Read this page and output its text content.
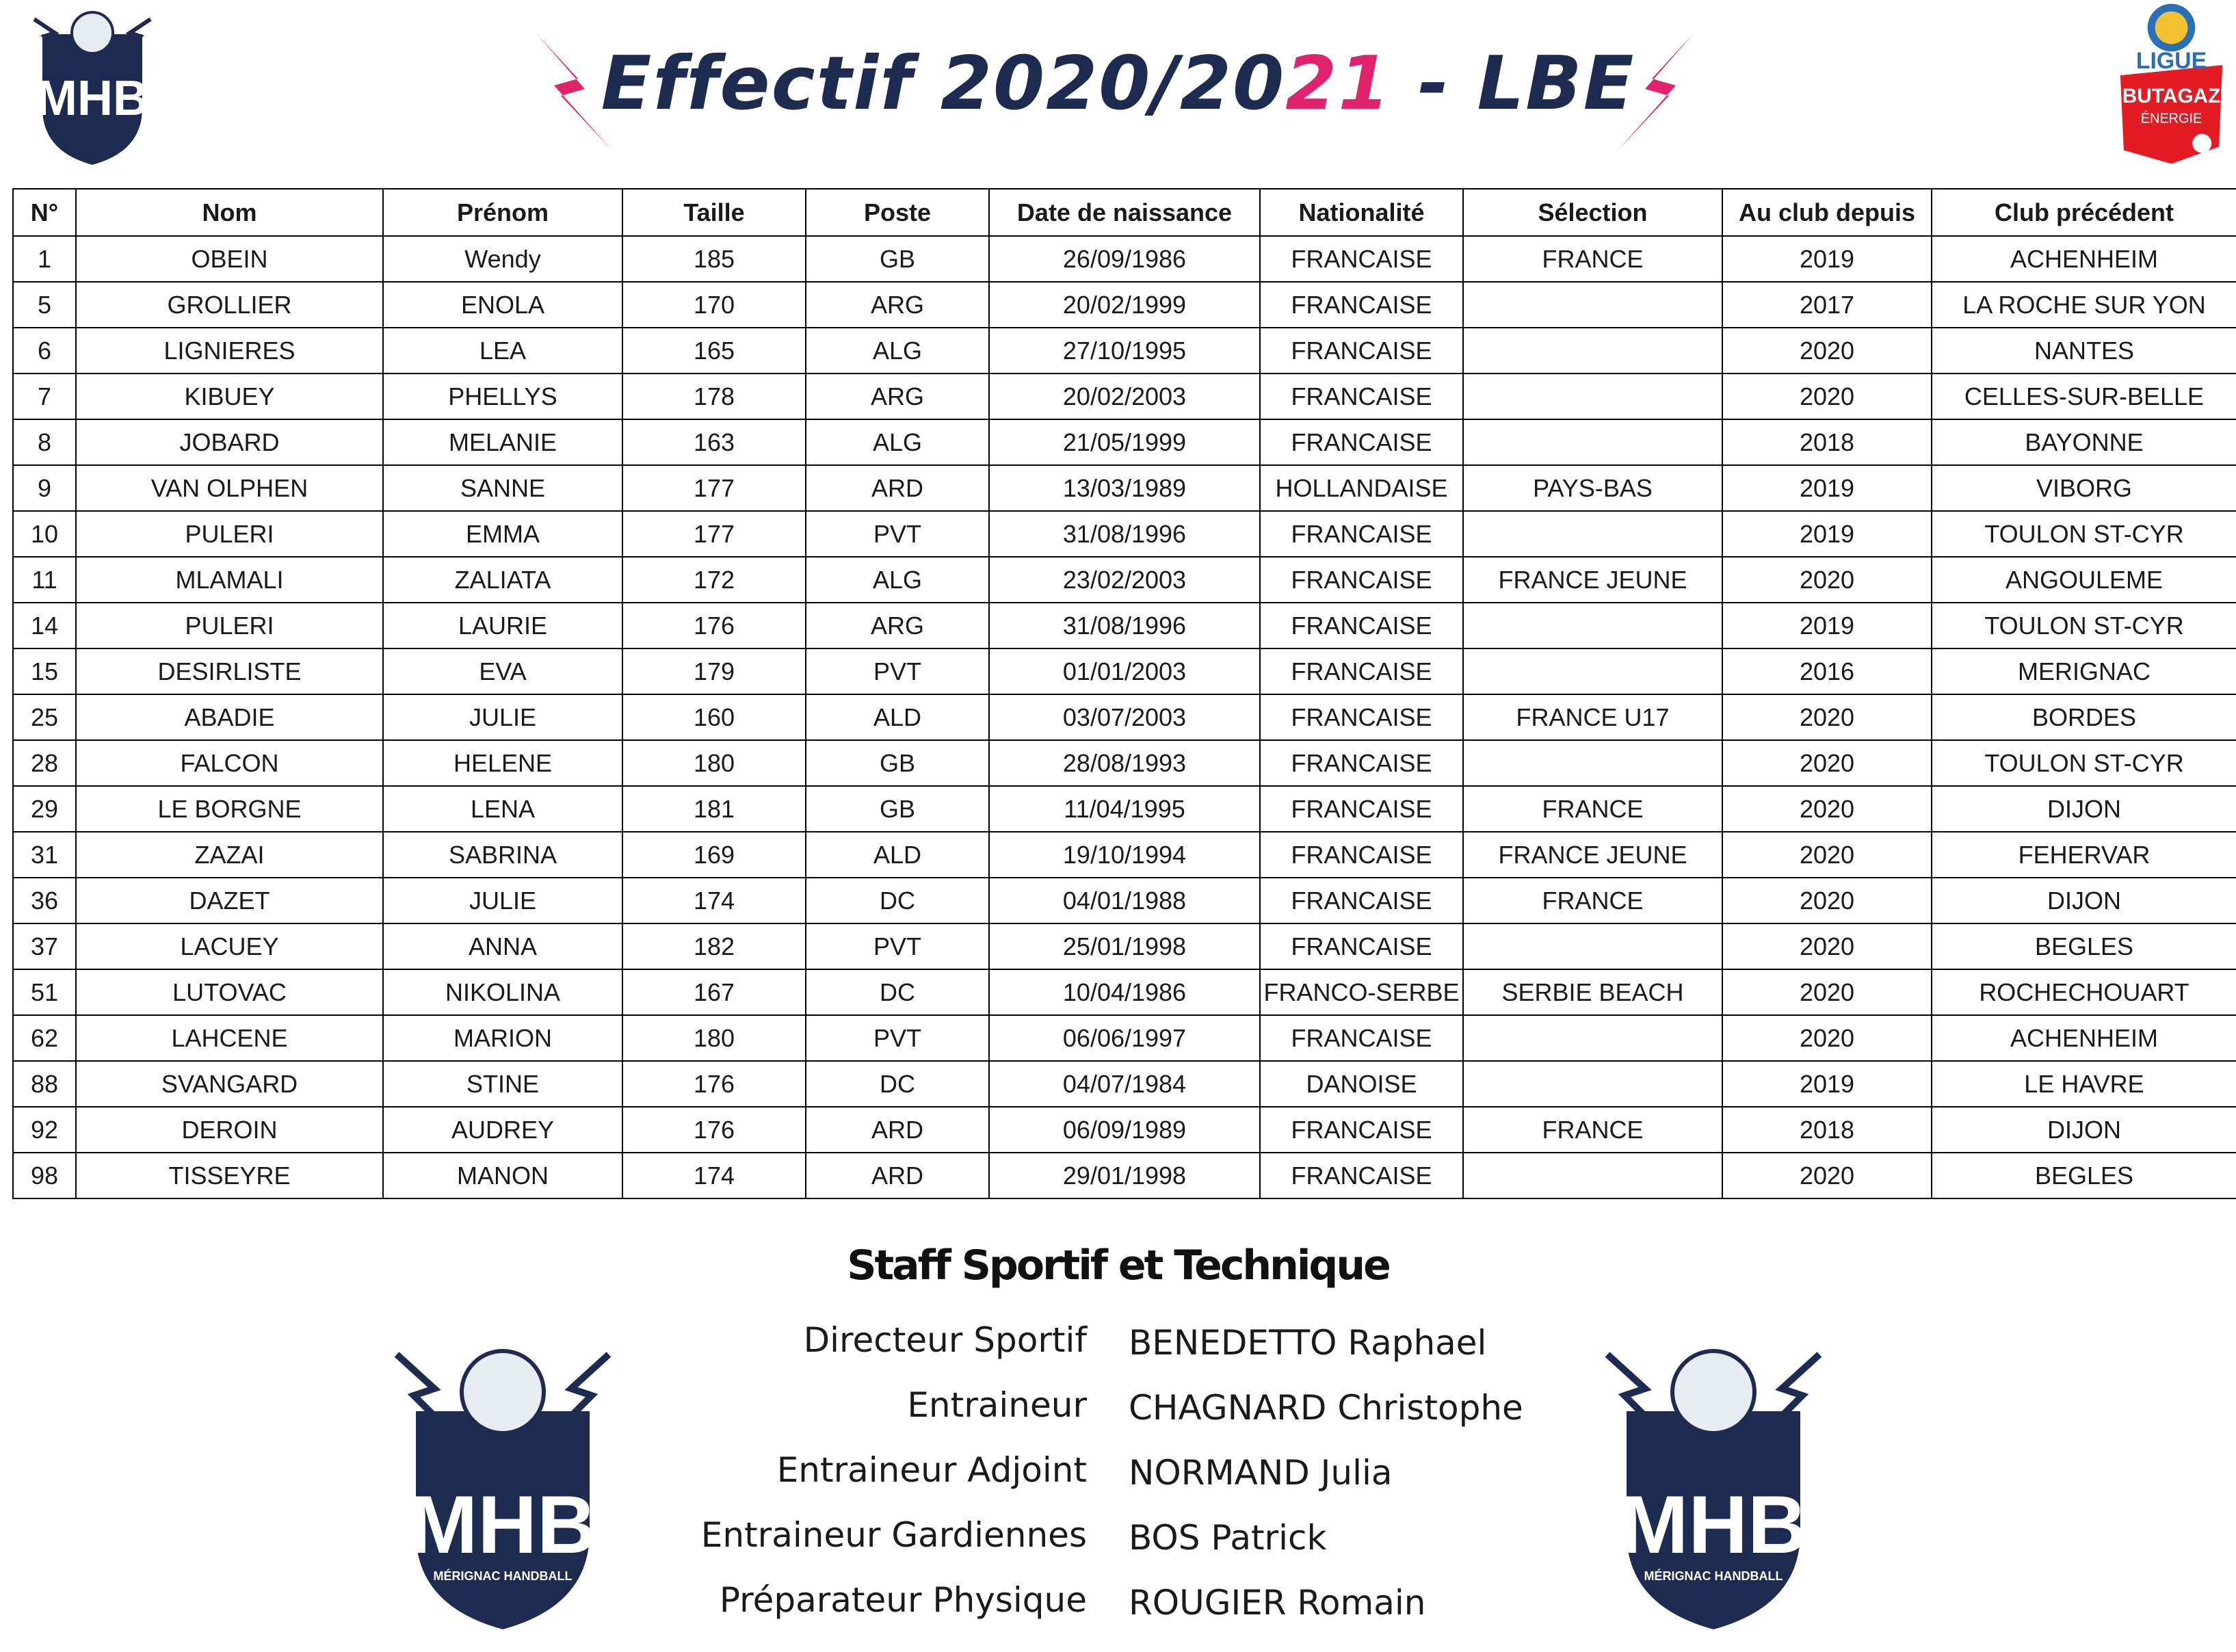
MHB	Effectif 2020/2021 - LBE	LIGUE
BUTAGAZ
ÉNERGIE
N°	Nom	Prénom	Taille	Poste	Date de naissance	Nationalité	Sélection	Au club depuis	Club précédent
1	OBEIN	Wendy	185	GB	26/09/1986	FRANCAISE	FRANCE	2019	ACHENHEIM
5	GROLLIER	ENOLA	170	ARG	20/02/1999	FRANCAISE		2017	LA ROCHE SUR YON
6	LIGNIERES	LEA	165	ALG	27/10/1995	FRANCAISE		2020	NANTES
7	KIBUEY	PHELLYS	178	ARG	20/02/2003	FRANCAISE		2020	CELLES-SUR-BELLE
8	JOBARD	MELANIE	163	ALG	21/05/1999	FRANCAISE		2018	BAYONNE
9	VAN OLPHEN	SANNE	177	ARD	13/03/1989	HOLLANDAISE	PAYS-BAS	2019	VIBORG
10	PULERI	EMMA	177	PVT	31/08/1996	FRANCAISE		2019	TOULON ST-CYR
11	MLAMALI	ZALIATA	172	ALG	23/02/2003	FRANCAISE	FRANCE JEUNE	2020	ANGOULEME
14	PULERI	LAURIE	176	ARG	31/08/1996	FRANCAISE		2019	TOULON ST-CYR
15	DESIRLISTE	EVA	179	PVT	01/01/2003	FRANCAISE		2016	MERIGNAC
25	ABADIE	JULIE	160	ALD	03/07/2003	FRANCAISE	FRANCE U17	2020	BORDES
28	FALCON	HELENE	180	GB	28/08/1993	FRANCAISE		2020	TOULON ST-CYR
29	LE BORGNE	LENA	181	GB	11/04/1995	FRANCAISE	FRANCE	2020	DIJON
31	ZAZAI	SABRINA	169	ALD	19/10/1994	FRANCAISE	FRANCE JEUNE	2020	FEHERVAR
36	DAZET	JULIE	174	DC	04/01/1988	FRANCAISE	FRANCE	2020	DIJON
37	LACUEY	ANNA	182	PVT	25/01/1998	FRANCAISE		2020	BEGLES
51	LUTOVAC	NIKOLINA	167	DC	10/04/1986	FRANCO-SERBE	SERBIE BEACH	2020	ROCHECHOUART
62	LAHCENE	MARION	180	PVT	06/06/1997	FRANCAISE		2020	ACHENHEIM
88	SVANGARD	STINE	176	DC	04/07/1984	DANOISE		2019	LE HAVRE
92	DEROIN	AUDREY	176	ARD	06/09/1989	FRANCAISE	FRANCE	2018	DIJON
98	TISSEYRE	MANON	174	ARD	29/01/1998	FRANCAISE		2020	BEGLES
Staff Sportif et Technique
MHB
MÉRIGNAC HANDBALL
Directeur Sportif BENEDETTO Raphael
Entraineur CHAGNARD Christophe
Entraineur Adjoint NORMAND Julia
Entraineur Gardiennes BOS Patrick
Préparateur Physique ROUGIER Romain
MHB
MÉRIGNAC HANDBALL
